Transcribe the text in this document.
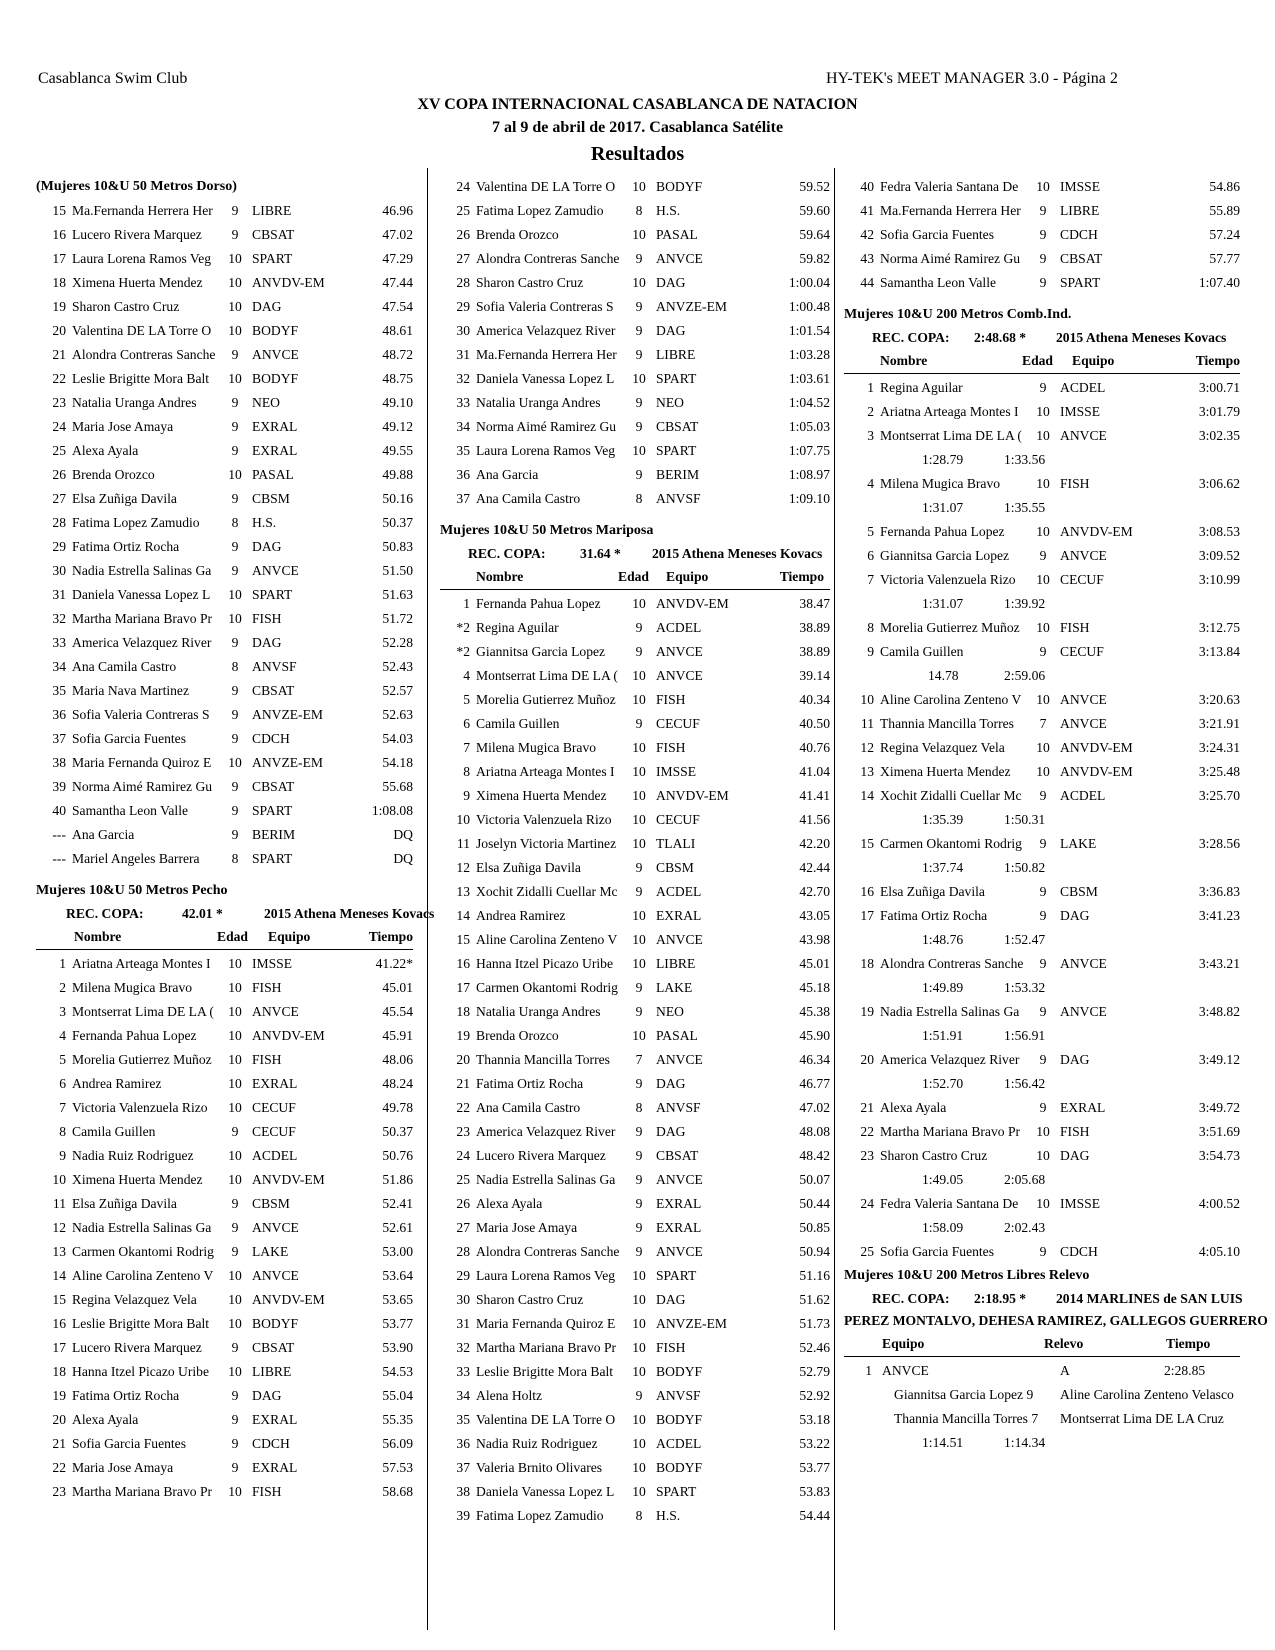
Casablanca Swim Club	HY-TEK's MEET MANAGER 3.0 - Página 2
XV COPA INTERNACIONAL CASABLANCA DE NATACION
7 al 9 de abril de 2017. Casablanca Satélite
Resultados
(Mujeres 10&U 50 Metros Dorso)
15 Ma.Fernanda Herrera Her	9	LIBRE	46.96
16 Lucero Rivera Marquez	9	CBSAT	47.02
17 Laura Lorena Ramos Veg	10 SPART	47.29
18 Ximena Huerta Mendez	10 ANVDV-EM	47.44
19 Sharon Castro Cruz	10 DAG	47.54
20 Valentina DE LA Torre O	10 BODYF	48.61
21 Alondra Contreras Sanche	9	ANVCE	48.72
22 Leslie Brigitte Mora Balt	10 BODYF	48.75
23 Natalia Uranga Andres	9	NEO	49.10
24 Maria Jose Amaya	9	EXRAL	49.12
25 Alexa Ayala	9	EXRAL	49.55
26 Brenda Orozco	10 PASAL	49.88
27 Elsa Zuñiga Davila	9	CBSM	50.16
28 Fatima Lopez Zamudio	8	H.S.	50.37
29 Fatima Ortiz Rocha	9	DAG	50.83
30 Nadia Estrella Salinas Ga	9	ANVCE	51.50
31 Daniela Vanessa Lopez L	10 SPART	51.63
32 Martha Mariana Bravo Pr	10 FISH	51.72
33 America Velazquez River	9	DAG	52.28
34 Ana Camila Castro	8	ANVSF	52.43
35 Maria Nava Martinez	9	CBSAT	52.57
36 Sofia Valeria Contreras S	9	ANVZE-EM	52.63
37 Sofia Garcia Fuentes	9	CDCH	54.03
38 Maria Fernanda Quiroz E	10 ANVZE-EM	54.18
39 Norma Aimé Ramirez Gu	9	CBSAT	55.68
40 Samantha Leon Valle	9	SPART	1:08.08
--- Ana Garcia	9	BERIM	DQ
--- Mariel Angeles Barrera	8	SPART	DQ
Mujeres 10&U 50 Metros Pecho
REC. COPA:	42.01 *	2015 Athena Meneses Kovacs
Nombre	Edad Equipo	Tiempo
1 Ariatna Arteaga Montes I	10 IMSSE	41.22*
2 Milena Mugica Bravo	10 FISH	45.01
3 Montserrat Lima DE LA (	10 ANVCE	45.54
4 Fernanda Pahua Lopez	10 ANVDV-EM	45.91
5 Morelia Gutierrez Muñoz	10 FISH	48.06
6 Andrea Ramirez	10 EXRAL	48.24
7 Victoria Valenzuela Rizo	10 CECUF	49.78
8 Camila Guillen	9	CECUF	50.37
9 Nadia Ruiz Rodriguez	10 ACDEL	50.76
10 Ximena Huerta Mendez	10 ANVDV-EM	51.86
11 Elsa Zuñiga Davila	9	CBSM	52.41
12 Nadia Estrella Salinas Ga	9	ANVCE	52.61
13 Carmen Okantomi Rodrig	9	LAKE	53.00
14 Aline Carolina Zenteno V	10 ANVCE	53.64
15 Regina Velazquez Vela	10 ANVDV-EM	53.65
16 Leslie Brigitte Mora Balt	10 BODYF	53.77
17 Lucero Rivera Marquez	9	CBSAT	53.90
18 Hanna Itzel Picazo Uribe	10 LIBRE	54.53
19 Fatima Ortiz Rocha	9	DAG	55.04
20 Alexa Ayala	9	EXRAL	55.35
21 Sofia Garcia Fuentes	9	CDCH	56.09
22 Maria Jose Amaya	9	EXRAL	57.53
23 Martha Mariana Bravo Pr	10 FISH	58.68
24 Valentina DE LA Torre O	10 BODYF	59.52
25 Fatima Lopez Zamudio	8	H.S.	59.60
26 Brenda Orozco	10 PASAL	59.64
27 Alondra Contreras Sanche	9	ANVCE	59.82
28 Sharon Castro Cruz	10 DAG	1:00.04
29 Sofia Valeria Contreras S	9	ANVZE-EM	1:00.48
30 America Velazquez River	9	DAG	1:01.54
31 Ma.Fernanda Herrera Her	9	LIBRE	1:03.28
32 Daniela Vanessa Lopez L	10 SPART	1:03.61
33 Natalia Uranga Andres	9	NEO	1:04.52
34 Norma Aimé Ramirez Gu	9	CBSAT	1:05.03
35 Laura Lorena Ramos Veg	10 SPART	1:07.75
36 Ana Garcia	9	BERIM	1:08.97
37 Ana Camila Castro	8	ANVSF	1:09.10
Mujeres 10&U 50 Metros Mariposa
REC. COPA:	31.64 * 2015 Athena Meneses Kovacs
Nombre	Edad Equipo	Tiempo
1 Fernanda Pahua Lopez	10 ANVDV-EM	38.47
*2 Regina Aguilar	9	ACDEL	38.89
*2 Giannitsa Garcia Lopez	9	ANVCE	38.89
4 Montserrat Lima DE LA (	10 ANVCE	39.14
5 Morelia Gutierrez Muñoz	10 FISH	40.34
6 Camila Guillen	9	CECUF	40.50
7 Milena Mugica Bravo	10 FISH	40.76
8 Ariatna Arteaga Montes I	10 IMSSE	41.04
9 Ximena Huerta Mendez	10 ANVDV-EM	41.41
10 Victoria Valenzuela Rizo	10 CECUF	41.56
11 Joselyn Victoria Martinez	10 TLALI	42.20
12 Elsa Zuñiga Davila	9	CBSM	42.44
13 Xochit Zidalli Cuellar Mc	9	ACDEL	42.70
14 Andrea Ramirez	10 EXRAL	43.05
15 Aline Carolina Zenteno V	10 ANVCE	43.98
16 Hanna Itzel Picazo Uribe	10 LIBRE	45.01
17 Carmen Okantomi Rodrig	9	LAKE	45.18
18 Natalia Uranga Andres	9	NEO	45.38
19 Brenda Orozco	10 PASAL	45.90
20 Thannia Mancilla Torres	7	ANVCE	46.34
21 Fatima Ortiz Rocha	9	DAG	46.77
22 Ana Camila Castro	8	ANVSF	47.02
23 America Velazquez River	9	DAG	48.08
24 Lucero Rivera Marquez	9	CBSAT	48.42
25 Nadia Estrella Salinas Ga	9	ANVCE	50.07
26 Alexa Ayala	9	EXRAL	50.44
27 Maria Jose Amaya	9	EXRAL	50.85
28 Alondra Contreras Sanche	9	ANVCE	50.94
29 Laura Lorena Ramos Veg	10 SPART	51.16
30 Sharon Castro Cruz	10 DAG	51.62
31 Maria Fernanda Quiroz E	10 ANVZE-EM	51.73
32 Martha Mariana Bravo Pr	10 FISH	52.46
33 Leslie Brigitte Mora Balt	10 BODYF	52.79
34 Alena Holtz	9	ANVSF	52.92
35 Valentina DE LA Torre O	10 BODYF	53.18
36 Nadia Ruiz Rodriguez	10 ACDEL	53.22
37 Valeria Brnito Olivares	10 BODYF	53.77
38 Daniela Vanessa Lopez L	10 SPART	53.83
39 Fatima Lopez Zamudio	8	H.S.	54.44
40 Fedra Valeria Santana De	10 IMSSE	54.86
41 Ma.Fernanda Herrera Her	9	LIBRE	55.89
42 Sofia Garcia Fuentes	9	CDCH	57.24
43 Norma Aimé Ramirez Gu	9	CBSAT	57.77
44 Samantha Leon Valle	9	SPART	1:07.40
Mujeres 10&U 200 Metros Comb.Ind.
REC. COPA: 2:48.68 * 2015 Athena Meneses Kovacs
Nombre	Edad Equipo	Tiempo
1 Regina Aguilar	9	ACDEL	3:00.71
2 Ariatna Arteaga Montes I	10 IMSSE	3:01.79
3 Montserrat Lima DE LA (	10 ANVCE	3:02.35
1:28.79	1:33.56
4 Milena Mugica Bravo	10 FISH	3:06.62
1:31.07	1:35.55
5 Fernanda Pahua Lopez	10 ANVDV-EM	3:08.53
6 Giannitsa Garcia Lopez	9	ANVCE	3:09.52
7 Victoria Valenzuela Rizo	10 CECUF	3:10.99
1:31.07	1:39.92
8 Morelia Gutierrez Muñoz	10 FISH	3:12.75
9 Camila Guillen	9	CECUF	3:13.84
14.78	2:59.06
10 Aline Carolina Zenteno V	10 ANVCE	3:20.63
11 Thannia Mancilla Torres	7	ANVCE	3:21.91
12 Regina Velazquez Vela	10 ANVDV-EM	3:24.31
13 Ximena Huerta Mendez	10 ANVDV-EM	3:25.48
14 Xochit Zidalli Cuellar Mc	9	ACDEL	3:25.70
1:35.39	1:50.31
15 Carmen Okantomi Rodrig	9	LAKE	3:28.56
1:37.74	1:50.82
16 Elsa Zuñiga Davila	9	CBSM	3:36.83
17 Fatima Ortiz Rocha	9	DAG	3:41.23
1:48.76	1:52.47
18 Alondra Contreras Sanche	9	ANVCE	3:43.21
1:49.89	1:53.32
19 Nadia Estrella Salinas Ga	9	ANVCE	3:48.82
1:51.91	1:56.91
20 America Velazquez River	9	DAG	3:49.12
1:52.70	1:56.42
21 Alexa Ayala	9	EXRAL	3:49.72
22 Martha Mariana Bravo Pr	10 FISH	3:51.69
23 Sharon Castro Cruz	10 DAG	3:54.73
1:49.05	2:05.68
24 Fedra Valeria Santana De	10 IMSSE	4:00.52
1:58.09	2:02.43
25 Sofia Garcia Fuentes	9	CDCH	4:05.10
Mujeres 10&U 200 Metros Libres Relevo
REC. COPA: 2:18.95 * 2014 MARLINES de SAN LUIS
PEREZ MONTALVO, DEHESA RAMIREZ, GALLEGOS GUERRERO
Equipo	Relevo	Tiempo
1 ANVCE	A	2:28.85
Giannitsa Garcia Lopez 9	Aline Carolina Zenteno Velasco
Thannia Mancilla Torres 7	Montserrat Lima DE LA Cruz
1:14.51	1:14.34
